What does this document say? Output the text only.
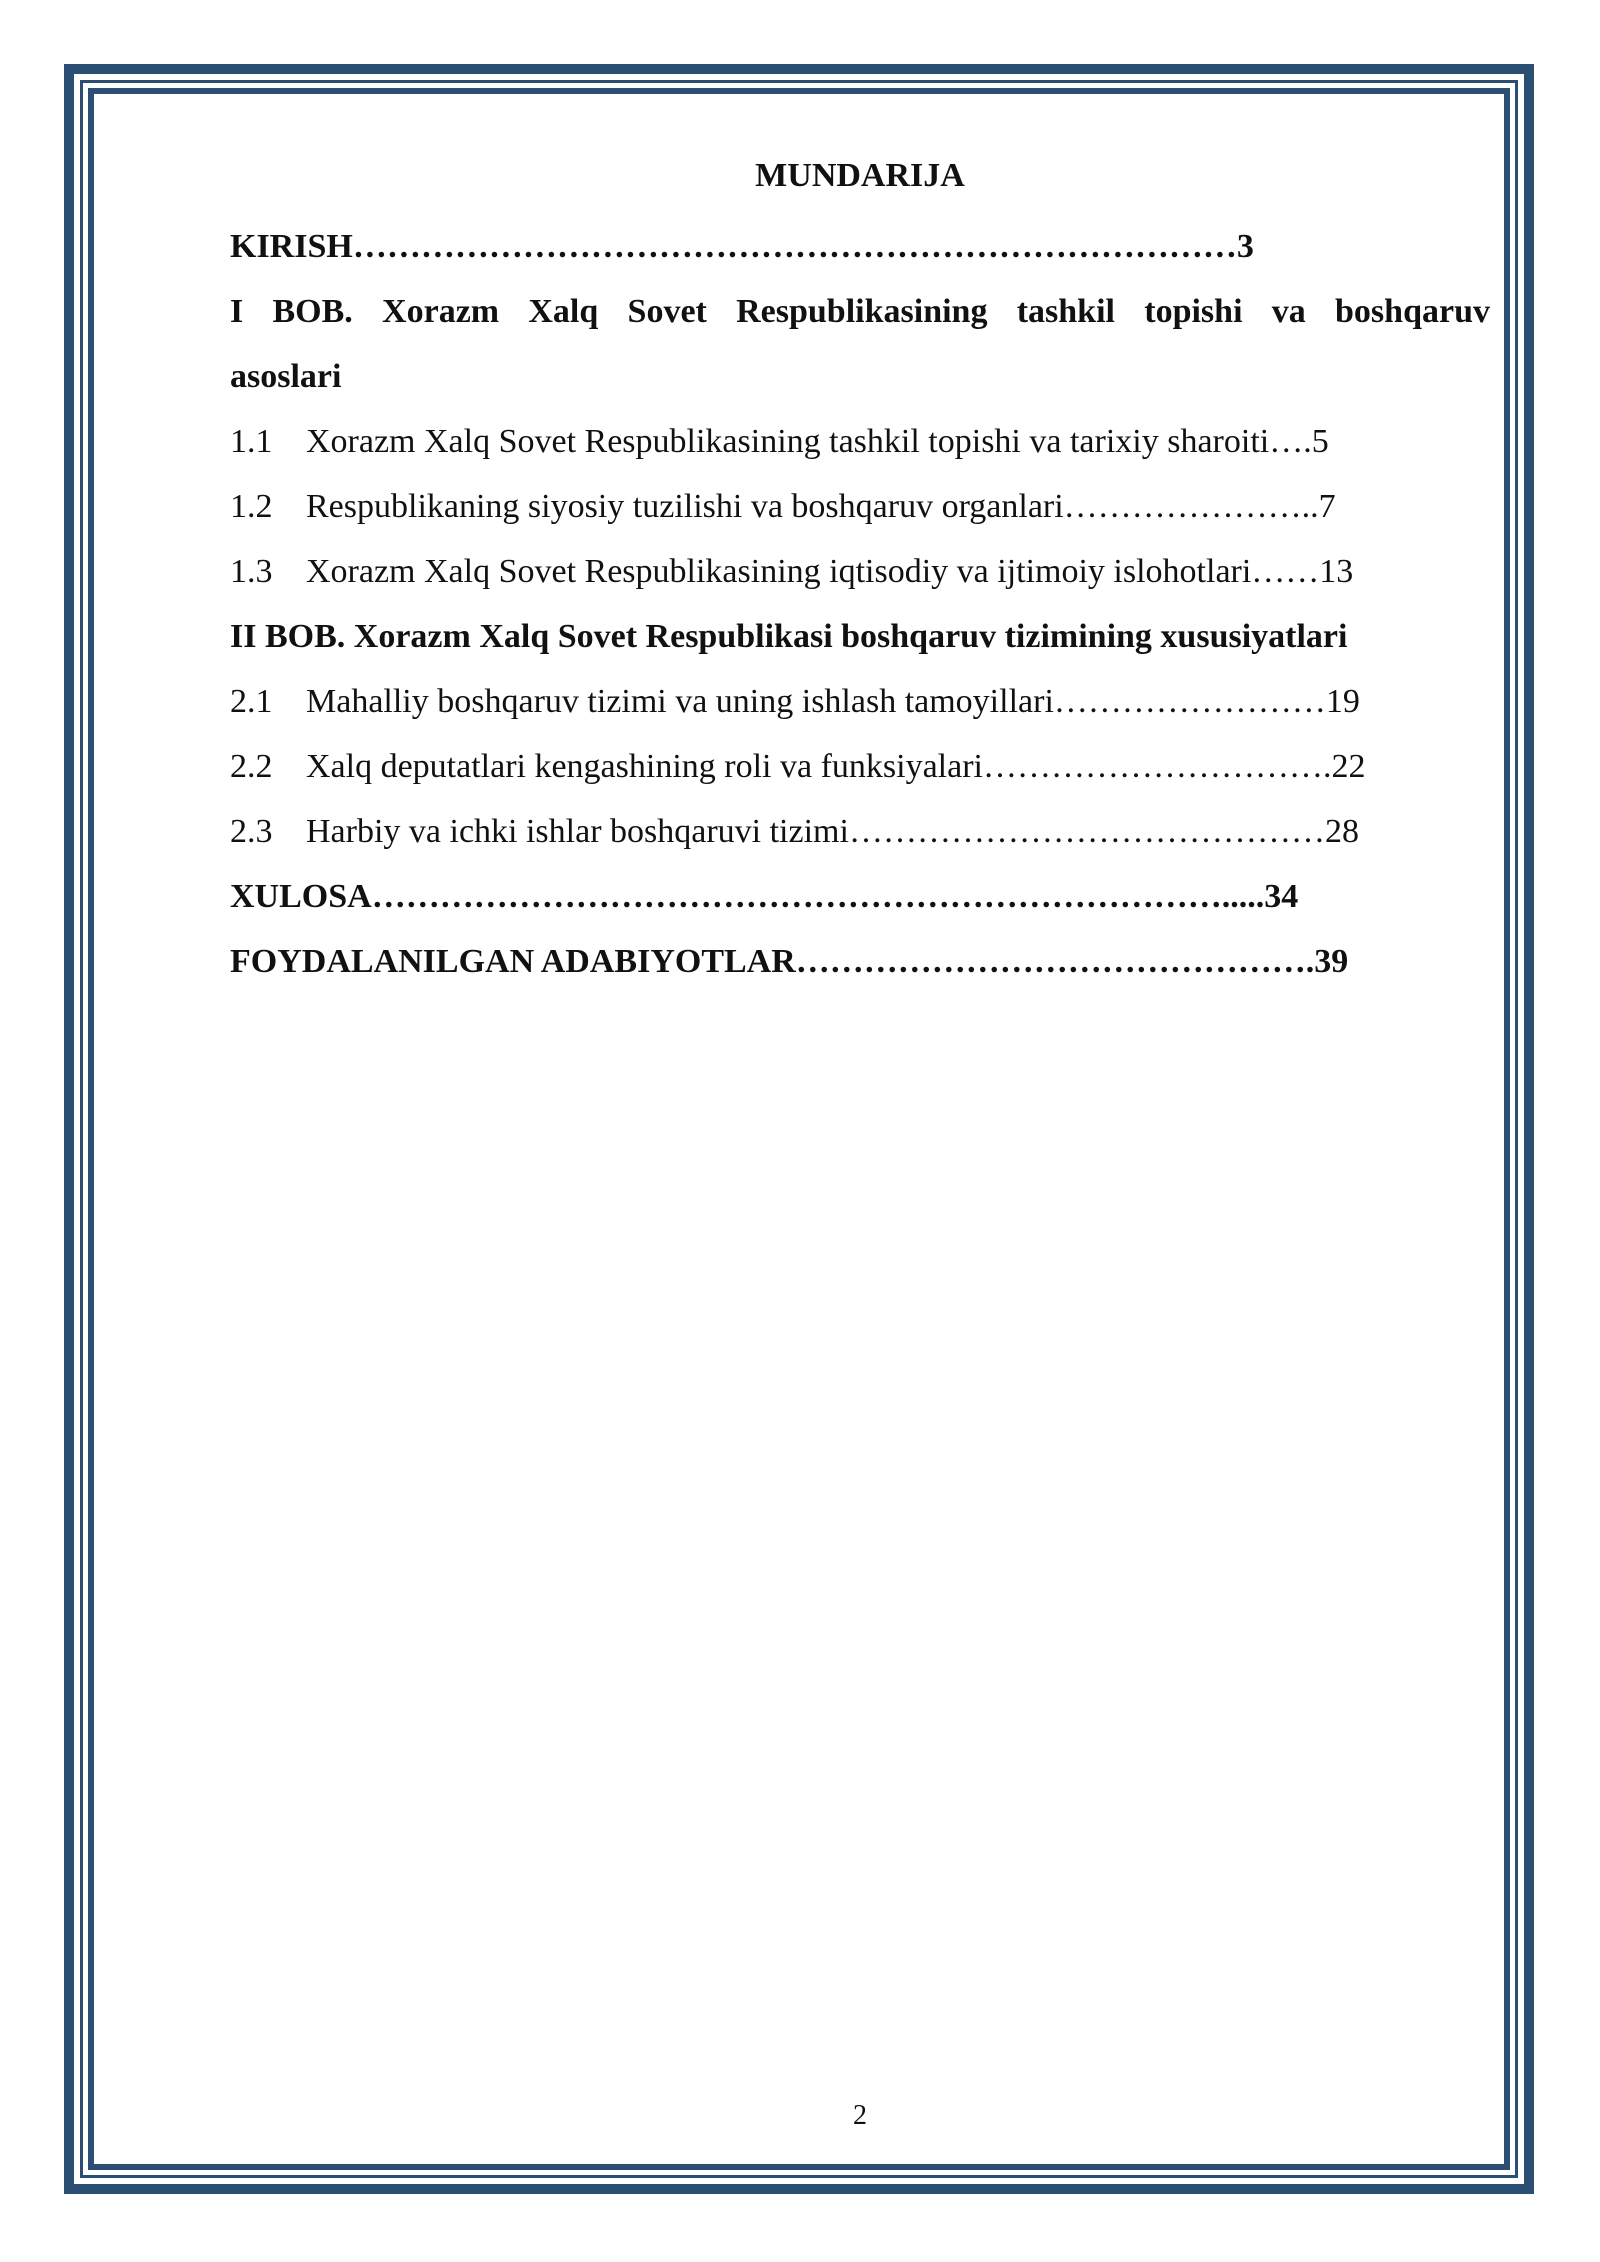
MUNDARIJA
KIRISH……………………………………………………………………3
I BOB. Xorazm Xalq Sovet Respublikasining tashkil topishi va boshqaruv
asoslari
1.1 Xorazm Xalq Sovet Respublikasining tashkil topishi va tarixiy sharoiti….5
1.2 Respublikaning siyosiy tuzilishi va boshqaruv organlari…………………..7
1.3 Xorazm Xalq Sovet Respublikasining iqtisodiy va ijtimoiy islohotlari……13
II BOB. Xorazm Xalq Sovet Respublikasi boshqaruv tizimining xususiyatlari
2.1 Mahalliy boshqaruv tizimi va uning ishlash tamoyillari……………………19
2.2 Xalq deputatlari kengashining roli va funksiyalari………………………….22
2.3 Harbiy va ichki ishlar boshqaruvi tizimi……………………………………28
XULOSA………………………………………………………………….....34
FOYDALANILGAN ADABIYOTLAR……………………………………….39
2
